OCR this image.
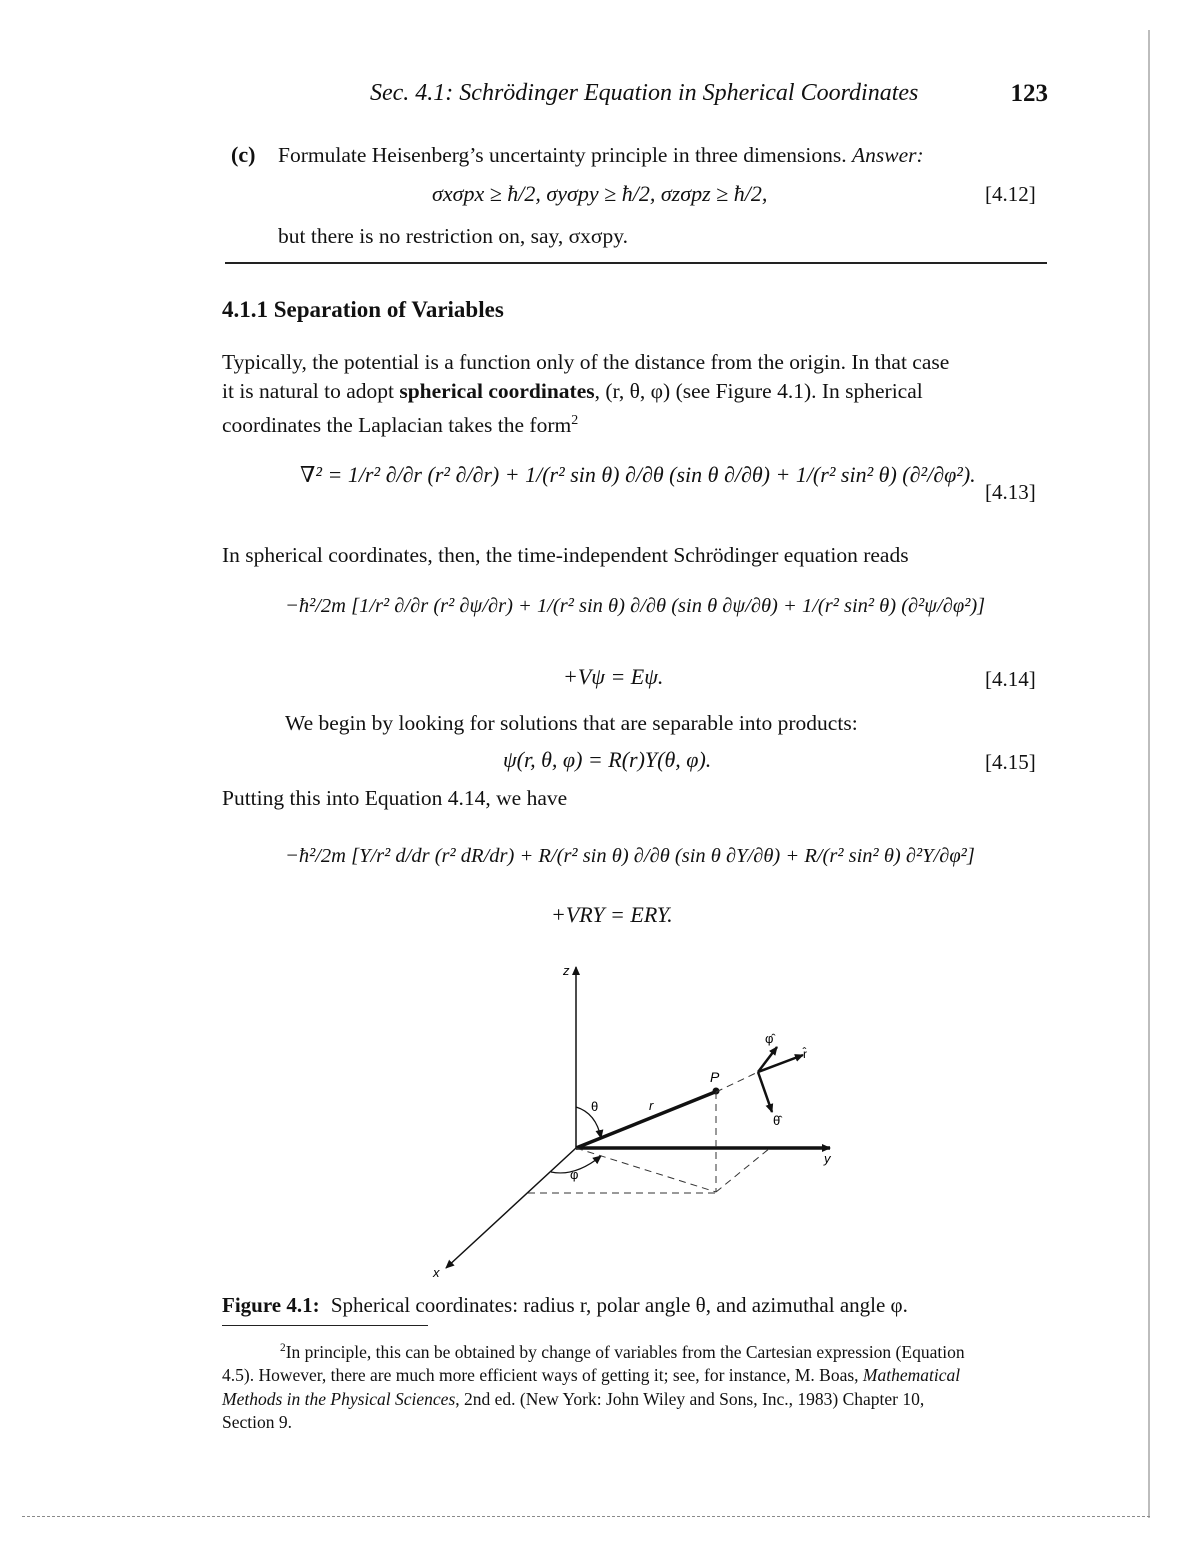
Sec. 4.1: Schrödinger Equation in Spherical Coordinates	123
(c) Formulate Heisenberg’s uncertainty principle in three dimensions. Answer:
σxσpx ≥ ħ/2, σyσpy ≥ ħ/2, σzσpz ≥ ħ/2,	[4.12]
but there is no restriction on, say, σxσpy.
4.1.1 Separation of Variables
Typically, the potential is a function only of the distance from the origin. In that case
it is natural to adopt spherical coordinates, (r, θ, φ) (see Figure 4.1). In spherical
coordinates the Laplacian takes the form$^2$
∇² = 1/r² ∂/∂r (r² ∂/∂r) + 1/(r² sin θ) ∂/∂θ (sin θ ∂/∂θ) + 1/(r² sin² θ) (∂²/∂φ²).
[4.13]
In spherical coordinates, then, the time-independent Schrödinger equation reads
−ħ²/2m [1/r² ∂/∂r (r² ∂ψ/∂r) + 1/(r² sin θ) ∂/∂θ (sin θ ∂ψ/∂θ) + 1/(r² sin² θ) (∂²ψ/∂φ²)]
+Vψ = Eψ.	[4.14]
We begin by looking for solutions that are separable into products:
ψ(r, θ, φ) = R(r)Y(θ, φ).	[4.15]
Putting this into Equation 4.14, we have
−ħ²/2m [Y/r² d/dr (r² dR/dr) + R/(r² sin θ) ∂/∂θ (sin θ ∂Y/∂θ) + R/(r² sin² θ) ∂²Y/∂φ²]
+VRY = ERY.
z
y
x
P
r
θ
φ
φ̂
r̂
θ̂
Figure 4.1: Spherical coordinates: radius r, polar angle θ, and azimuthal angle φ.
$^2$In principle, this can be obtained by change of variables from the Cartesian expression (Equation
4.5). However, there are much more efficient ways of getting it; see, for instance, M. Boas, Mathematical
Methods in the Physical Sciences, 2nd ed. (New York: John Wiley and Sons, Inc., 1983) Chapter 10,
Section 9.
